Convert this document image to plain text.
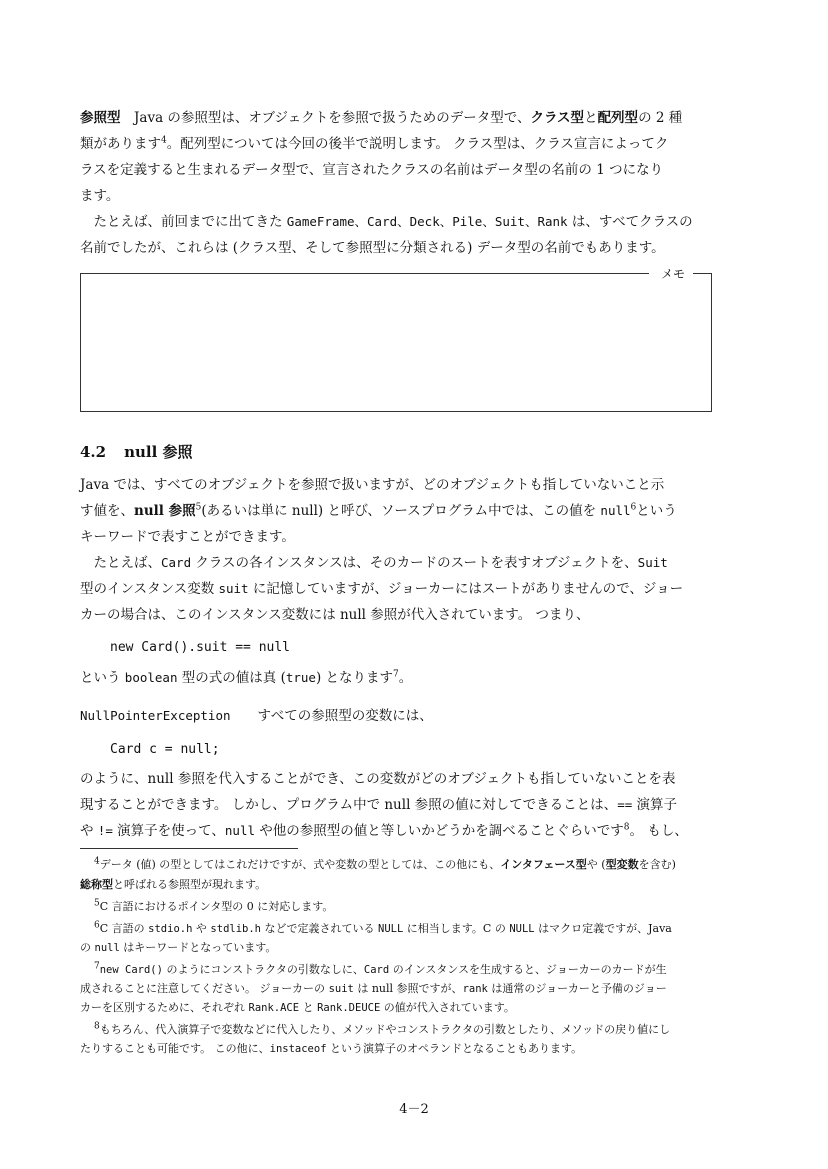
参照型　 Java の参照型は、オブジェクトを参照で扱うためのデータ型で、クラス型と配列型の 2 種
類があります$^4$。配列型については今回の後半で説明します。 クラス型は、クラス宣言によってク
ラスを定義すると生まれるデータ型で、宣言されたクラスの名前はデータ型の名前の 1 つになり
ます。
　たとえば、前回までに出てきた GameFrame、Card、Deck、Pile、Suit、Rank は、すべてクラスの
名前でしたが、これらは (クラス型、そして参照型に分類される) データ型の名前でもあります。
メモ
4.2 null 参照
Java では、すべてのオブジェクトを参照で扱いますが、どのオブジェクトも指していないこと示
す値を、null 参照$^5$(あるいは単に null) と呼び、ソースプログラム中では、この値を null$^6$という
キーワードで表すことができます。
　たとえば、Card クラスの各インスタンスは、そのカードのスートを表すオブジェクトを、Suit
型のインスタンス変数 suit に記憶していますが、ジョーカーにはスートがありませんので、ジョー
カーの場合は、このインスタンス変数には null 参照が代入されています。 つまり、
new Card().suit == null
という boolean 型の式の値は真 (true) となります$^7$。
NullPointerException　　 すべての参照型の変数には、
Card c = null;
のように、null 参照を代入することができ、この変数がどのオブジェクトも指していないことを表
現することができます。 しかし、プログラム中で null 参照の値に対してできることは、== 演算子
や != 演算子を使って、null や他の参照型の値と等しいかどうかを調べることぐらいです$^8$。 もし、
$^4$データ (値) の型としてはこれだけですが、式や変数の型としては、この他にも、インタフェース型や (型変数を含む)
総称型と呼ばれる参照型が現れます。
$^5$C 言語におけるポインタ型の 0 に対応します。
$^6$C 言語の stdio.h や stdlib.h などで定義されている NULL に相当します。C の NULL はマクロ定義ですが、Java
の null はキーワードとなっています。
$^7$new Card() のようにコンストラクタの引数なしに、Card のインスタンスを生成すると、ジョーカーのカードが生
成されることに注意してください。 ジョーカーの suit は null 参照ですが、rank は通常のジョーカーと予備のジョー
カーを区別するために、それぞれ Rank.ACE と Rank.DEUCE の値が代入されています。
$^8$もちろん、代入演算子で変数などに代入したり、メソッドやコンストラクタの引数としたり、メソッドの戻り値にし
たりすることも可能です。 この他に、instaceof という演算子のオペランドとなることもあります。
4－2
